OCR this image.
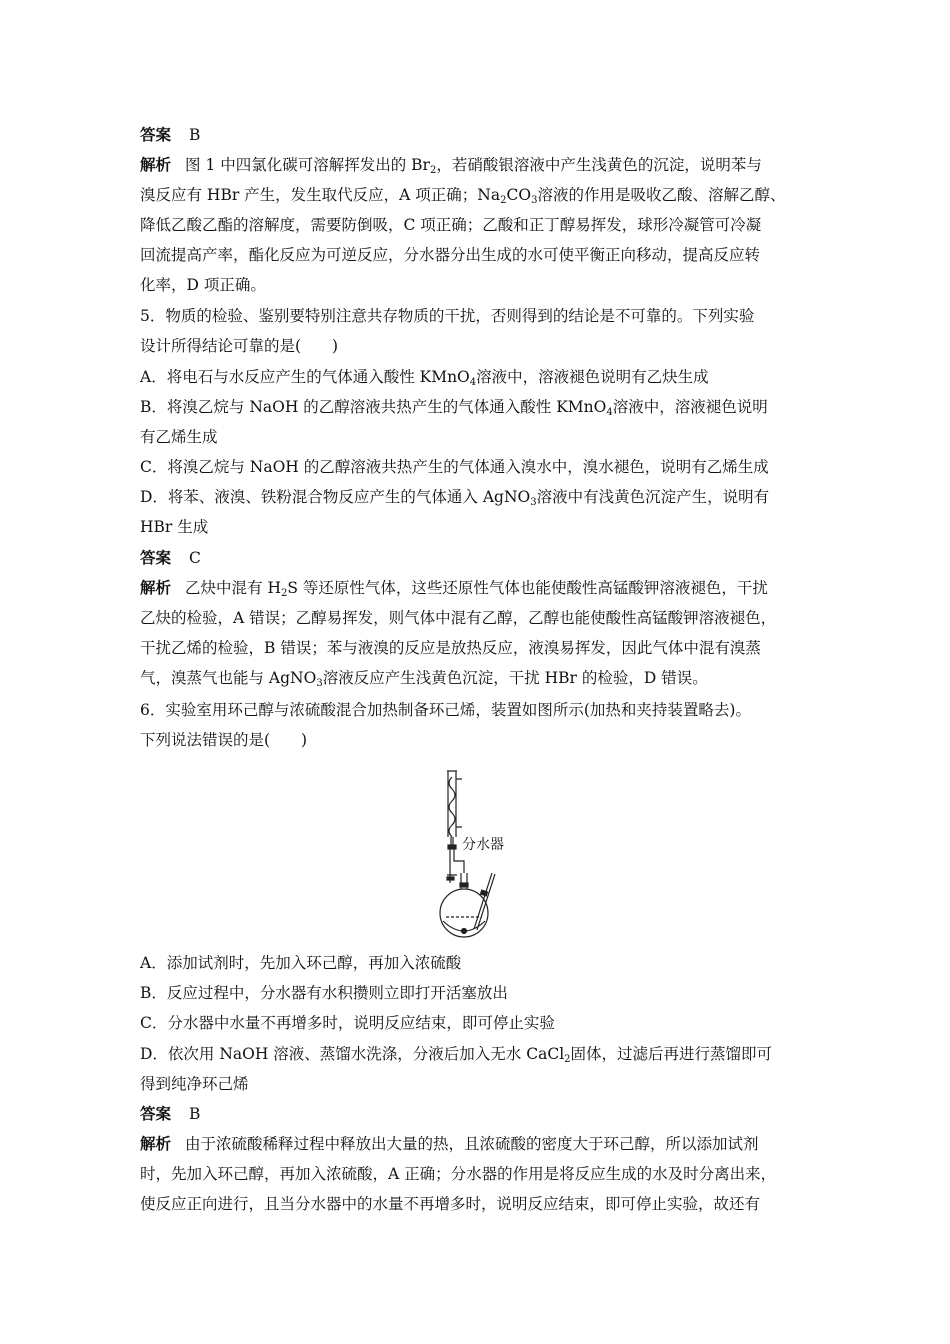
答案 B
解析 图 1 中四氯化碳可溶解挥发出的 $Br_2$，若硝酸银溶液中产生浅黄色的沉淀，说明苯与
溴反应有 HBr 产生，发生取代反应，A 项正确；$Na_2CO_3$溶液的作用是吸收乙酸、溶解乙醇、
降低乙酸乙酯的溶解度，需要防倒吸，C 项正确；乙酸和正丁醇易挥发，球形冷凝管可冷凝
回流提高产率，酯化反应为可逆反应，分水器分出生成的水可使平衡正向移动，提高反应转
化率，D 项正确。
5．物质的检验、鉴别要特别注意共存物质的干扰，否则得到的结论是不可靠的。下列实验
设计所得结论可靠的是(　　)
A．将电石与水反应产生的气体通入酸性 KMnO$_4$溶液中，溶液褪色说明有乙炔生成
B．将溴乙烷与 NaOH 的乙醇溶液共热产生的气体通入酸性 KMnO$_4$溶液中，溶液褪色说明
有乙烯生成
C．将溴乙烷与 NaOH 的乙醇溶液共热产生的气体通入溴水中，溴水褪色，说明有乙烯生成
D．将苯、液溴、铁粉混合物反应产生的气体通入 AgNO$_3$溶液中有浅黄色沉淀产生，说明有
HBr 生成
答案 C
解析 乙炔中混有 $H_2S$ 等还原性气体，这些还原性气体也能使酸性高锰酸钾溶液褪色，干扰
乙炔的检验，A 错误；乙醇易挥发，则气体中混有乙醇，乙醇也能使酸性高锰酸钾溶液褪色，
干扰乙烯的检验，B 错误；苯与液溴的反应是放热反应，液溴易挥发，因此气体中混有溴蒸
气，溴蒸气也能与 AgNO$_3$溶液反应产生浅黄色沉淀，干扰 HBr 的检验，D 错误。
6．实验室用环己醇与浓硫酸混合加热制备环己烯，装置如图所示(加热和夹持装置略去)。
下列说法错误的是(　　)
分水器
A．添加试剂时，先加入环己醇，再加入浓硫酸
B．反应过程中，分水器有水积攒则立即打开活塞放出
C．分水器中水量不再增多时，说明反应结束，即可停止实验
D．依次用 NaOH 溶液、蒸馏水洗涤，分液后加入无水 CaCl$_2$固体，过滤后再进行蒸馏即可
得到纯净环己烯
答案 B
解析 由于浓硫酸稀释过程中释放出大量的热，且浓硫酸的密度大于环己醇，所以添加试剂
时，先加入环己醇，再加入浓硫酸，A 正确；分水器的作用是将反应生成的水及时分离出来，
使反应正向进行，且当分水器中的水量不再增多时，说明反应结束，即可停止实验，故还有
